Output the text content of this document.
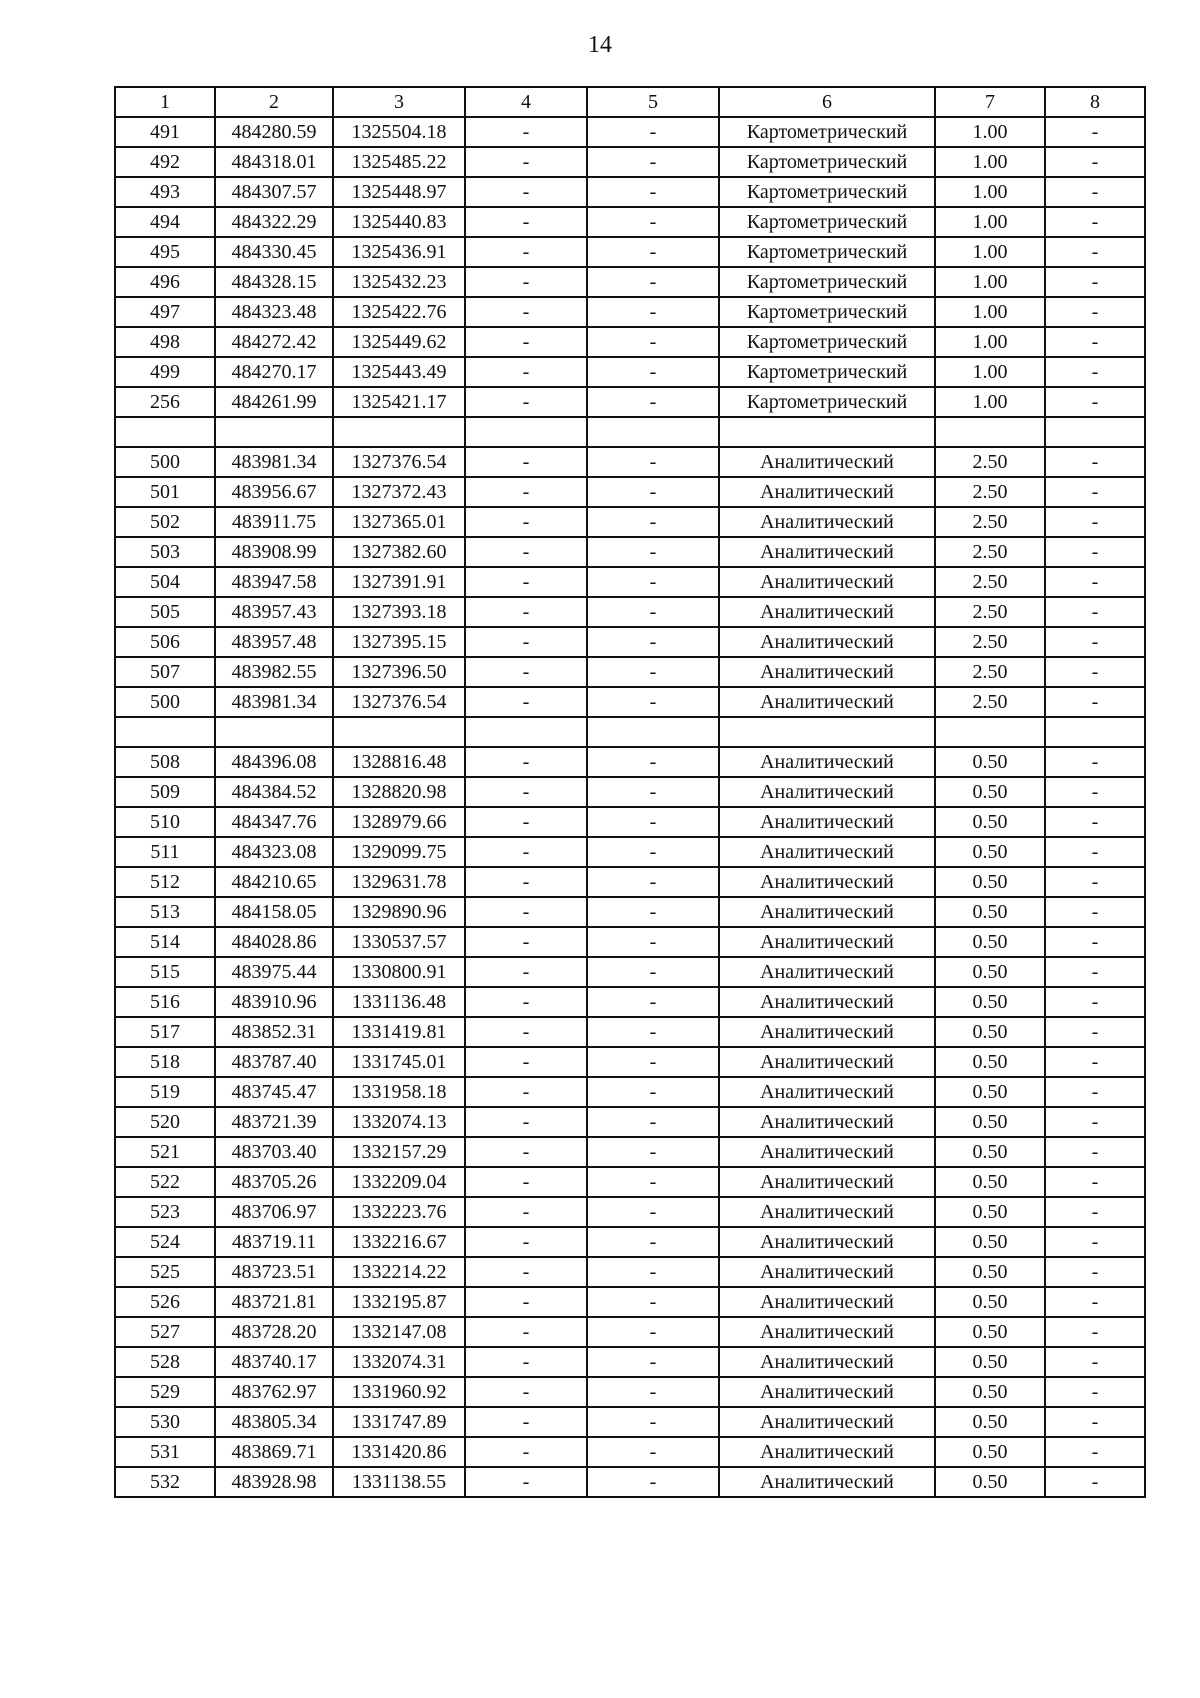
14
1	2	3	4	5	6	7	8
491	484280.59	1325504.18	-	-	Картометрический	1.00	-
492	484318.01	1325485.22	-	-	Картометрический	1.00	-
493	484307.57	1325448.97	-	-	Картометрический	1.00	-
494	484322.29	1325440.83	-	-	Картометрический	1.00	-
495	484330.45	1325436.91	-	-	Картометрический	1.00	-
496	484328.15	1325432.23	-	-	Картометрический	1.00	-
497	484323.48	1325422.76	-	-	Картометрический	1.00	-
498	484272.42	1325449.62	-	-	Картометрический	1.00	-
499	484270.17	1325443.49	-	-	Картометрический	1.00	-
256	484261.99	1325421.17	-	-	Картометрический	1.00	-

500	483981.34	1327376.54	-	-	Аналитический	2.50	-
501	483956.67	1327372.43	-	-	Аналитический	2.50	-
502	483911.75	1327365.01	-	-	Аналитический	2.50	-
503	483908.99	1327382.60	-	-	Аналитический	2.50	-
504	483947.58	1327391.91	-	-	Аналитический	2.50	-
505	483957.43	1327393.18	-	-	Аналитический	2.50	-
506	483957.48	1327395.15	-	-	Аналитический	2.50	-
507	483982.55	1327396.50	-	-	Аналитический	2.50	-
500	483981.34	1327376.54	-	-	Аналитический	2.50	-

508	484396.08	1328816.48	-	-	Аналитический	0.50	-
509	484384.52	1328820.98	-	-	Аналитический	0.50	-
510	484347.76	1328979.66	-	-	Аналитический	0.50	-
511	484323.08	1329099.75	-	-	Аналитический	0.50	-
512	484210.65	1329631.78	-	-	Аналитический	0.50	-
513	484158.05	1329890.96	-	-	Аналитический	0.50	-
514	484028.86	1330537.57	-	-	Аналитический	0.50	-
515	483975.44	1330800.91	-	-	Аналитический	0.50	-
516	483910.96	1331136.48	-	-	Аналитический	0.50	-
517	483852.31	1331419.81	-	-	Аналитический	0.50	-
518	483787.40	1331745.01	-	-	Аналитический	0.50	-
519	483745.47	1331958.18	-	-	Аналитический	0.50	-
520	483721.39	1332074.13	-	-	Аналитический	0.50	-
521	483703.40	1332157.29	-	-	Аналитический	0.50	-
522	483705.26	1332209.04	-	-	Аналитический	0.50	-
523	483706.97	1332223.76	-	-	Аналитический	0.50	-
524	483719.11	1332216.67	-	-	Аналитический	0.50	-
525	483723.51	1332214.22	-	-	Аналитический	0.50	-
526	483721.81	1332195.87	-	-	Аналитический	0.50	-
527	483728.20	1332147.08	-	-	Аналитический	0.50	-
528	483740.17	1332074.31	-	-	Аналитический	0.50	-
529	483762.97	1331960.92	-	-	Аналитический	0.50	-
530	483805.34	1331747.89	-	-	Аналитический	0.50	-
531	483869.71	1331420.86	-	-	Аналитический	0.50	-
532	483928.98	1331138.55	-	-	Аналитический	0.50	-
